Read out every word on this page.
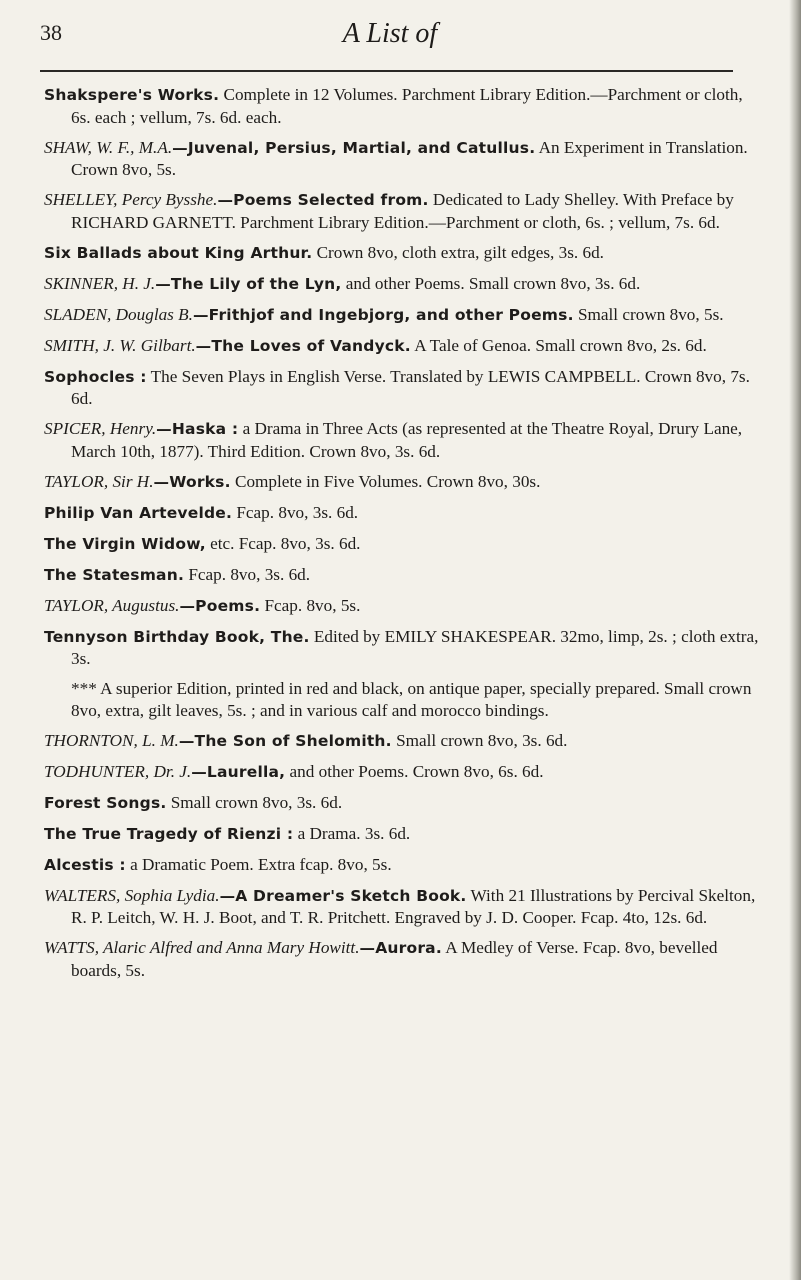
38	A List of

Shakspere's Works. Complete in 12 Volumes. Parchment Library Edition.—Parchment or cloth, 6s. each ; vellum, 7s. 6d. each.

SHAW, W. F., M.A.—Juvenal, Persius, Martial, and Catullus. An Experiment in Translation. Crown 8vo, 5s.

SHELLEY, Percy Bysshe.—Poems Selected from. Dedicated to Lady Shelley. With Preface by RICHARD GARNETT. Parchment Library Edition.—Parchment or cloth, 6s. ; vellum, 7s. 6d.

Six Ballads about King Arthur. Crown 8vo, cloth extra, gilt edges, 3s. 6d.

SKINNER, H. J.—The Lily of the Lyn, and other Poems. Small crown 8vo, 3s. 6d.

SLADEN, Douglas B.—Frithjof and Ingebjorg, and other Poems. Small crown 8vo, 5s.

SMITH, J. W. Gilbart.—The Loves of Vandyck. A Tale of Genoa. Small crown 8vo, 2s. 6d.

Sophocles : The Seven Plays in English Verse. Translated by LEWIS CAMPBELL. Crown 8vo, 7s. 6d.

SPICER, Henry.—Haska : a Drama in Three Acts (as represented at the Theatre Royal, Drury Lane, March 10th, 1877). Third Edition. Crown 8vo, 3s. 6d.

TAYLOR, Sir H.—Works. Complete in Five Volumes. Crown 8vo, 30s.

Philip Van Artevelde. Fcap. 8vo, 3s. 6d.

The Virgin Widow, etc. Fcap. 8vo, 3s. 6d.

The Statesman. Fcap. 8vo, 3s. 6d.

TAYLOR, Augustus.—Poems. Fcap. 8vo, 5s.

Tennyson Birthday Book, The. Edited by EMILY SHAKESPEAR. 32mo, limp, 2s. ; cloth extra, 3s.

*** A superior Edition, printed in red and black, on antique paper, specially prepared. Small crown 8vo, extra, gilt leaves, 5s. ; and in various calf and morocco bindings.

THORNTON, L. M.—The Son of Shelomith. Small crown 8vo, 3s. 6d.

TODHUNTER, Dr. J.—Laurella, and other Poems. Crown 8vo, 6s. 6d.

Forest Songs. Small crown 8vo, 3s. 6d.

The True Tragedy of Rienzi : a Drama. 3s. 6d.

Alcestis : a Dramatic Poem. Extra fcap. 8vo, 5s.

WALTERS, Sophia Lydia.—A Dreamer's Sketch Book. With 21 Illustrations by Percival Skelton, R. P. Leitch, W. H. J. Boot, and T. R. Pritchett. Engraved by J. D. Cooper. Fcap. 4to, 12s. 6d.

WATTS, Alaric Alfred and Anna Mary Howitt.—Aurora. A Medley of Verse. Fcap. 8vo, bevelled boards, 5s.
